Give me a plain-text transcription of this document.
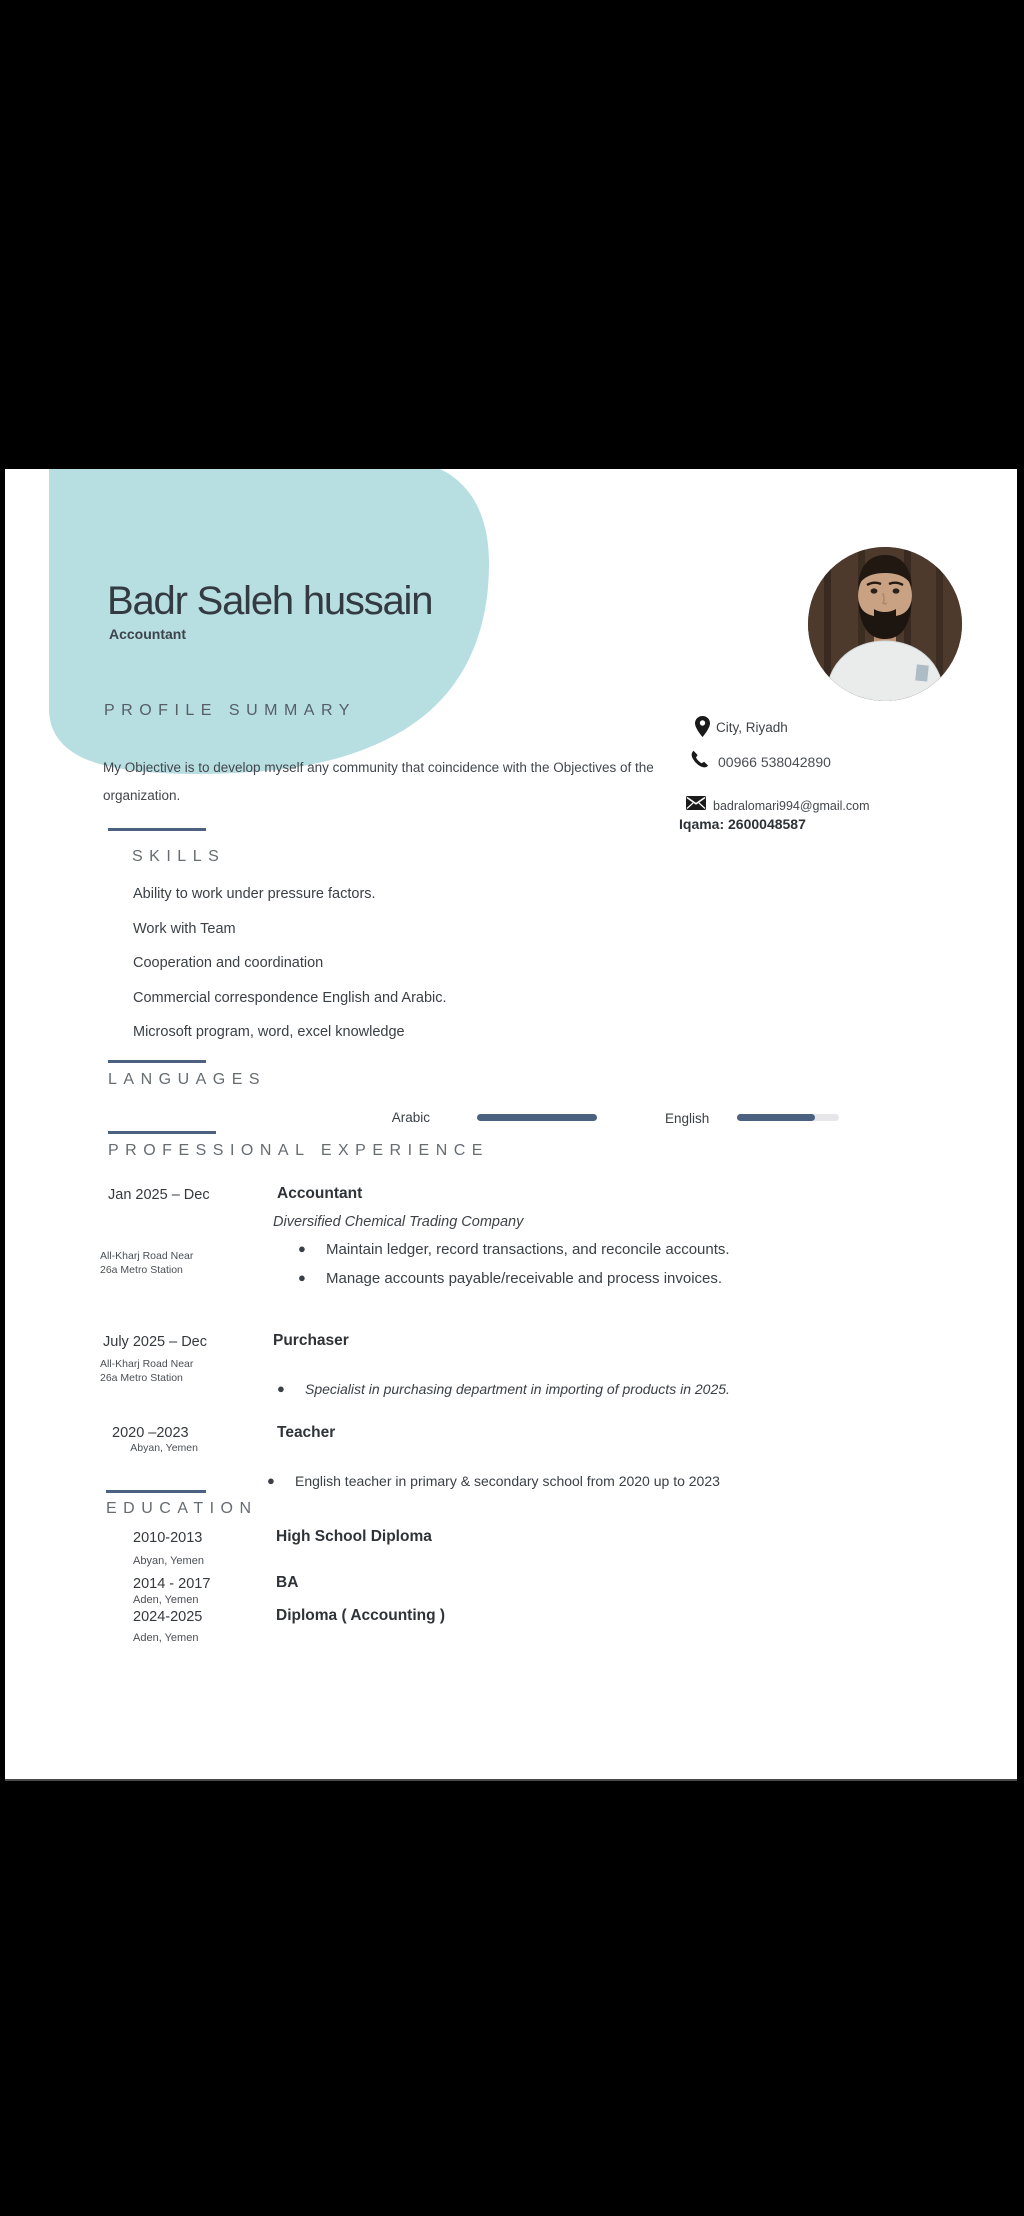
Badr Saleh hussain
Accountant
City, Riyadh
00966 538042890
badralomari994@gmail.com
Iqama: 2600048587
PROFILE SUMMARY

My Objective is to develop myself any community that coincidence with the Objectives of the organization.

SKILLS
Ability to work under pressure factors.
Work with Team
Cooperation and coordination
Commercial correspondence English and Arabic.
Microsoft program, word, excel knowledge
LANGUAGES
Arabic	English
PROFESSIONAL EXPERIENCE
Jan 2025 – Dec
All-Kharj Road Near
26a Metro Station
Accountant
Diversified Chemical Trading Company
● Maintain ledger, record transactions, and reconcile accounts.
● Manage accounts payable/receivable and process invoices.
July 2025 – Dec
All-Kharj Road Near
26a Metro Station
Purchaser
● Specialist in purchasing department in importing of products in 2025.
2020 –2023
Abyan, Yemen
Teacher
● English teacher in primary & secondary school from 2020 up to 2023
EDUCATION
2010-2013
Abyan, Yemen
High School Diploma
2014 - 2017
Aden, Yemen
BA
2024-2025
Aden, Yemen
Diploma ( Accounting )
